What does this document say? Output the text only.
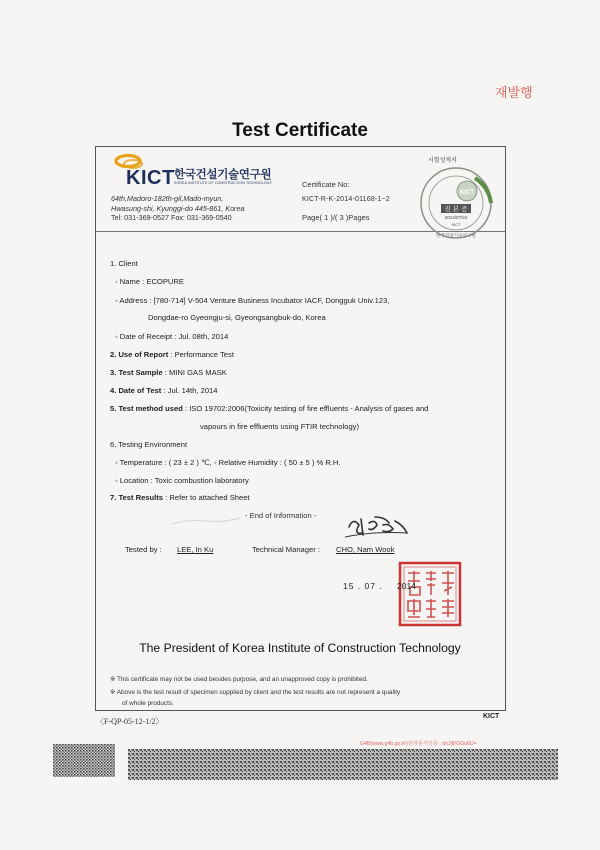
재발행
Test Certificate
KICT 한국건설기술연구원
KOREA INSTITUTE OF CONSTRUCTION TECHNOLOGY
64th,Madoro-182th-gil,Mado-myun,
Hwasung-shi, Kyunggi-do 445-861, Korea
Tel: 031-369-0527 Fax: 031-369-0540
Certificate No:
KICT-R-K-2014-01168-1~2
Page( 1 )/( 3 )Pages
시험성적서
KICT
진 본 증
2014/07/22
KICT
한국건설기술연구원
1. Client
◦ Name : ECOPURE
◦ Address : [780-714] V-504 Venture Business Incubator IACF, Dongguk Univ.123,
Dongdae-ro Gyeongju-si, Gyeongsangbuk-do, Korea
◦ Date of Receipt : Jul. 08th, 2014
2. Use of Report : Performance Test
3. Test Sample : MINI GAS MASK
4. Date of Test : Jul. 14th, 2014
5. Test method used : ISO 19702:2006(Toxicity testing of fire effluents - Analysis of gases and
vapours in fire effluents using FTIR technology)
6. Testing Environment
◦ Temperature : ( 23 ± 2 ) ℃, ◦ Relative Humidity : ( 50 ± 5 ) % R.H.
◦ Location : Toxic combustion laboratory
7. Test Results : Refer to attached Sheet
- End of Information -
Tested by : LEE, In Ku	Technical Manager : CHO, Nam Wook
15 . 07 . 2014
The President of Korea Institute of Construction Technology
※ This certificate may not be used besides purpose, and an unapproved copy is prohibited.
※ Above is the test result of specimen supplied by client and the test results are not represent a quality
of whole products.
〈F-QP-05-12-1/2〉
KICT
G4B(www.g4b.go.kr)전자문서인증 : dnJj8/OGu6U=
